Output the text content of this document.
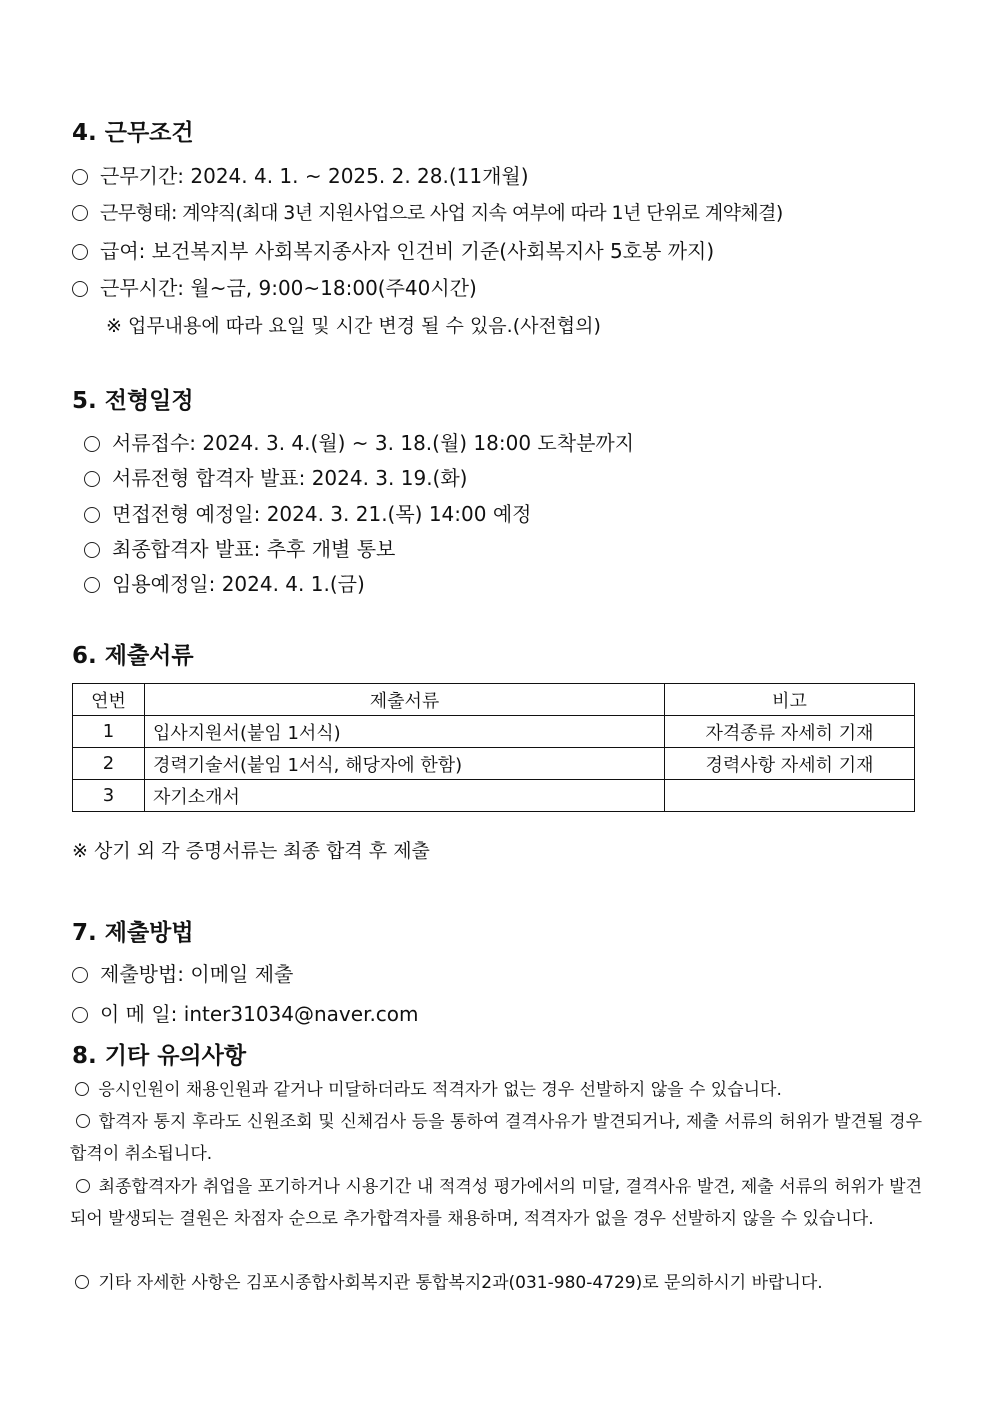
4. 근무조건
근무기간: 2024. 4. 1. ~ 2025. 2. 28.(11개월)
근무형태: 계약직(최대 3년 지원사업으로 사업 지속 여부에 따라 1년 단위로 계약체결)
급여: 보건복지부 사회복지종사자 인건비 기준(사회복지사 5호봉 까지)
근무시간: 월~금, 9:00~18:00(주40시간)
※ 업무내용에 따라 요일 및 시간 변경 될 수 있음.(사전협의)
5. 전형일정
서류접수: 2024. 3. 4.(월) ~ 3. 18.(월) 18:00 도착분까지
서류전형 합격자 발표: 2024. 3. 19.(화)
면접전형 예정일: 2024. 3. 21.(목) 14:00 예정
최종합격자 발표: 추후 개별 통보
임용예정일: 2024. 4. 1.(금)
6. 제출서류
연번	제출서류	비고
1	입사지원서(붙임 1서식)	자격종류 자세히 기재
2	경력기술서(붙임 1서식, 해당자에 한함)	경력사항 자세히 기재
3	자기소개서	
※ 상기 외 각 증명서류는 최종 합격 후 제출
7. 제출방법
제출방법: 이메일 제출
이 메 일: inter31034@naver.com
8. 기타 유의사항
응시인원이 채용인원과 같거나 미달하더라도 적격자가 없는 경우 선발하지 않을 수 있습니다.
합격자 통지 후라도 신원조회 및 신체검사 등을 통하여 결격사유가 발견되거나, 제출 서류의 허위가 발견될 경우 합격이 취소됩니다.
최종합격자가 취업을 포기하거나 시용기간 내 적격성 평가에서의 미달, 결격사유 발견, 제출 서류의 허위가 발견되어 발생되는 결원은 차점자 순으로 추가합격자를 채용하며, 적격자가 없을 경우 선발하지 않을 수 있습니다.
기타 자세한 사항은 김포시종합사회복지관 통합복지2과(031-980-4729)로 문의하시기 바랍니다.
